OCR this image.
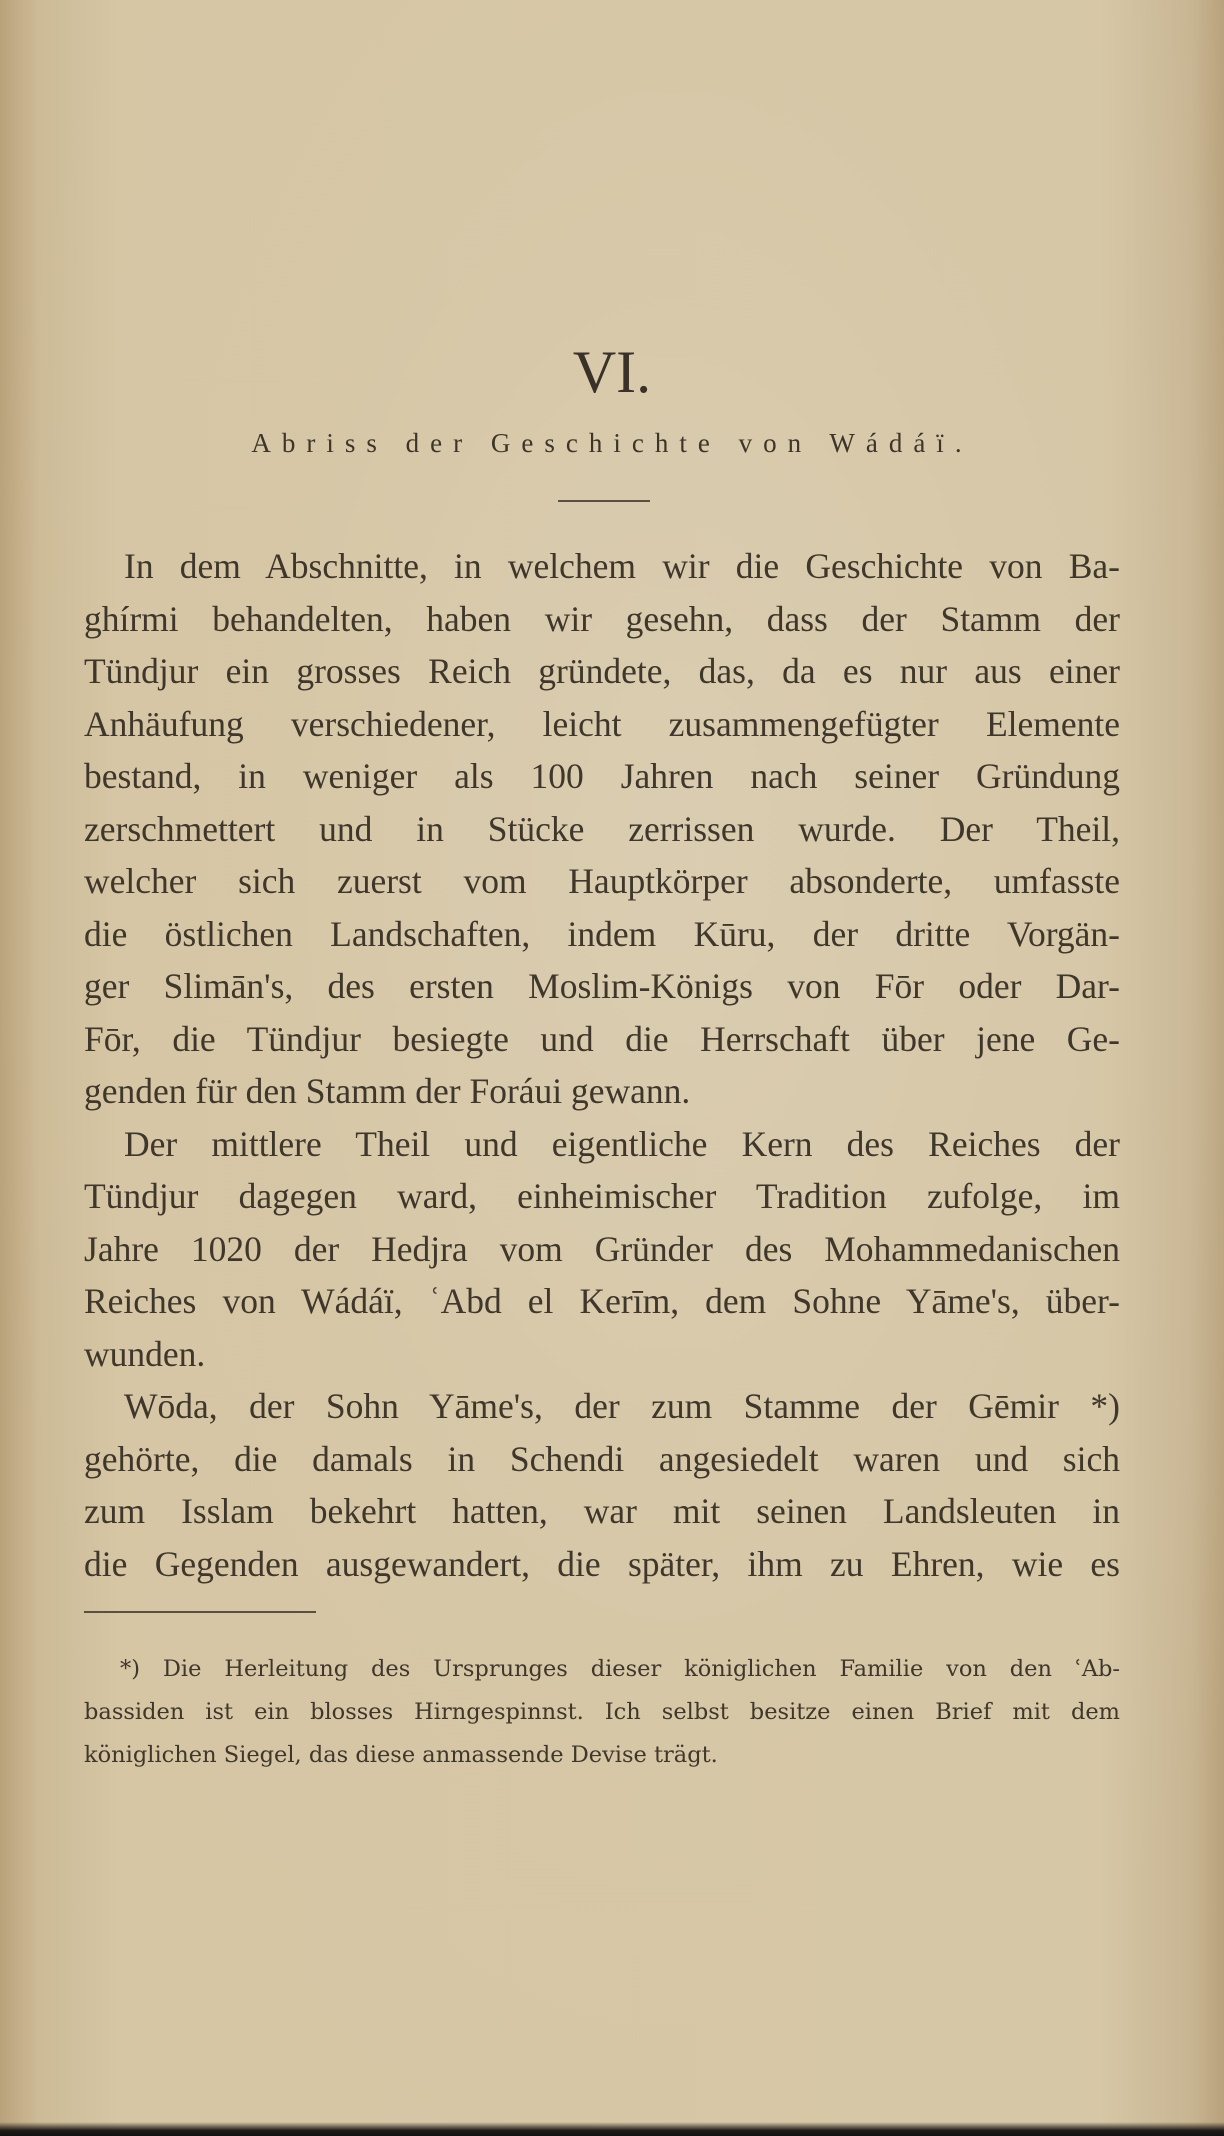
VI.
Abriss der Geschichte von Wádáï.
In dem Abschnitte, in welchem wir die Geschichte von Ba-
ghírmi behandelten, haben wir gesehn, dass der Stamm der
Tündjur ein grosses Reich gründete, das, da es nur aus einer
Anhäufung verschiedener, leicht zusammengefügter Elemente
bestand, in weniger als 100 Jahren nach seiner Gründung
zerschmettert und in Stücke zerrissen wurde. Der Theil,
welcher sich zuerst vom Hauptkörper absonderte, umfasste
die östlichen Landschaften, indem Kūru, der dritte Vorgän-
ger Slimān's, des ersten Moslim-Königs von Fōr oder Dar-
Fōr, die Tündjur besiegte und die Herrschaft über jene Ge-
genden für den Stamm der Foráui gewann.
Der mittlere Theil und eigentliche Kern des Reiches der
Tündjur dagegen ward, einheimischer Tradition zufolge, im
Jahre 1020 der Hedjra vom Gründer des Mohammedanischen
Reiches von Wádáï, ʿAbd el Kerīm, dem Sohne Yāme's, über-
wunden.
Wōda, der Sohn Yāme's, der zum Stamme der Gēmir *)
gehörte, die damals in Schendi angesiedelt waren und sich
zum Isslam bekehrt hatten, war mit seinen Landsleuten in
die Gegenden ausgewandert, die später, ihm zu Ehren, wie es
*) Die Herleitung des Ursprunges dieser königlichen Familie von den ʿAb-
bassiden ist ein blosses Hirngespinnst. Ich selbst besitze einen Brief mit dem
königlichen Siegel, das diese anmassende Devise trägt.
